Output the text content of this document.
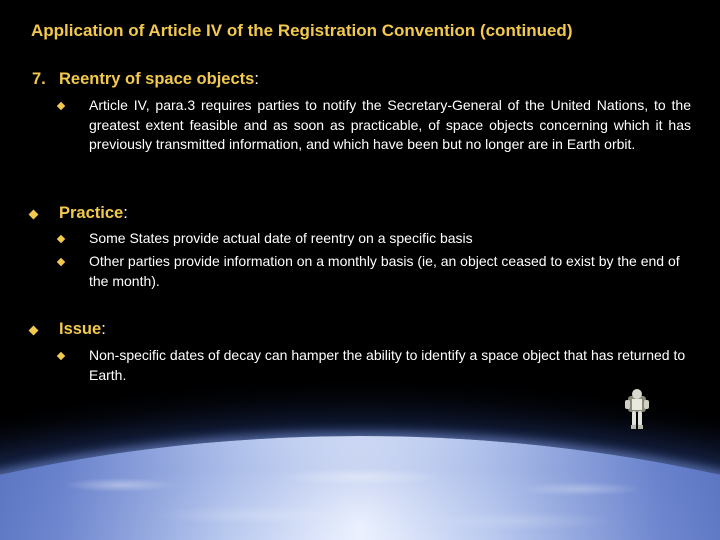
Application of Article IV of the Registration Convention (continued)
7. Reentry of space objects:
Article IV, para.3 requires parties to notify the Secretary-General of the United Nations, to the greatest extent feasible and as soon as practicable, of space objects concerning which it has previously transmitted information, and which have been but no longer are in Earth orbit.
Practice:
Some States provide actual date of reentry on a specific basis
Other parties provide information on a monthly basis (ie, an object ceased to exist by the end of the month).
Issue:
Non-specific dates of decay can hamper the ability to identify a space object that has returned to Earth.
